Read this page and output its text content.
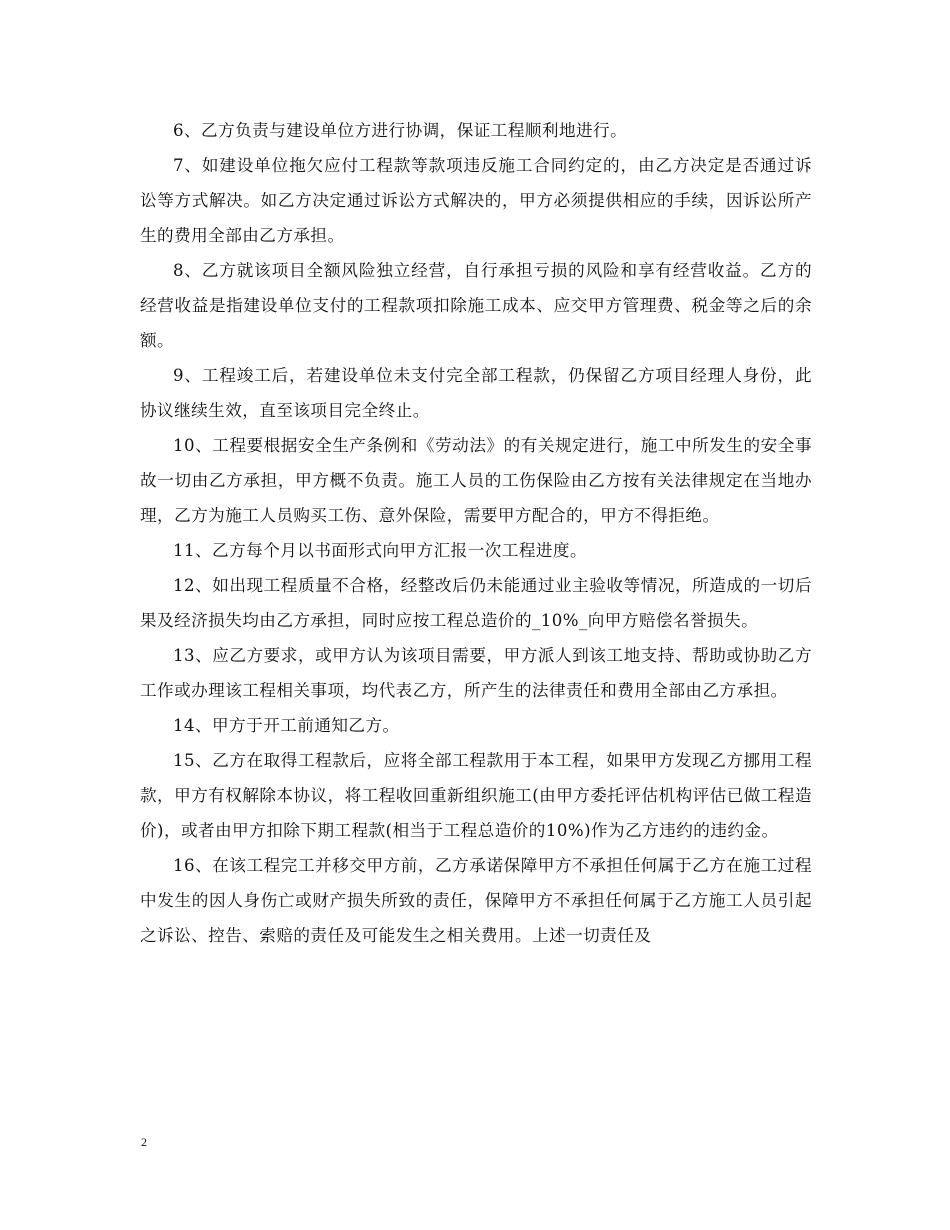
6、乙方负责与建设单位方进行协调，保证工程顺利地进行。

7、如建设单位拖欠应付工程款等款项违反施工合同约定的，由乙方决定是否通过诉讼等方式解决。如乙方决定通过诉讼方式解决的，甲方必须提供相应的手续，因诉讼所产生的费用全部由乙方承担。

8、乙方就该项目全额风险独立经营，自行承担亏损的风险和享有经营收益。乙方的经营收益是指建设单位支付的工程款项扣除施工成本、应交甲方管理费、税金等之后的余额。

9、工程竣工后，若建设单位未支付完全部工程款，仍保留乙方项目经理人身份，此协议继续生效，直至该项目完全终止。

10、工程要根据安全生产条例和《劳动法》的有关规定进行，施工中所发生的安全事故一切由乙方承担，甲方概不负责。施工人员的工伤保险由乙方按有关法律规定在当地办理，乙方为施工人员购买工伤、意外保险，需要甲方配合的，甲方不得拒绝。

11、乙方每个月以书面形式向甲方汇报一次工程进度。

12、如出现工程质量不合格，经整改后仍未能通过业主验收等情况，所造成的一切后果及经济损失均由乙方承担，同时应按工程总造价的_10%_向甲方赔偿名誉损失。

13、应乙方要求，或甲方认为该项目需要，甲方派人到该工地支持、帮助或协助乙方工作或办理该工程相关事项，均代表乙方，所产生的法律责任和费用全部由乙方承担。

14、甲方于开工前通知乙方。

15、乙方在取得工程款后，应将全部工程款用于本工程，如果甲方发现乙方挪用工程款，甲方有权解除本协议，将工程收回重新组织施工(由甲方委托评估机构评估已做工程造价)，或者由甲方扣除下期工程款(相当于工程总造价的10%)作为乙方违约的违约金。

16、在该工程完工并移交甲方前，乙方承诺保障甲方不承担任何属于乙方在施工过程中发生的因人身伤亡或财产损失所致的责任，保障甲方不承担任何属于乙方施工人员引起之诉讼、控告、索赔的责任及可能发生之相关费用。上述一切责任及

2
